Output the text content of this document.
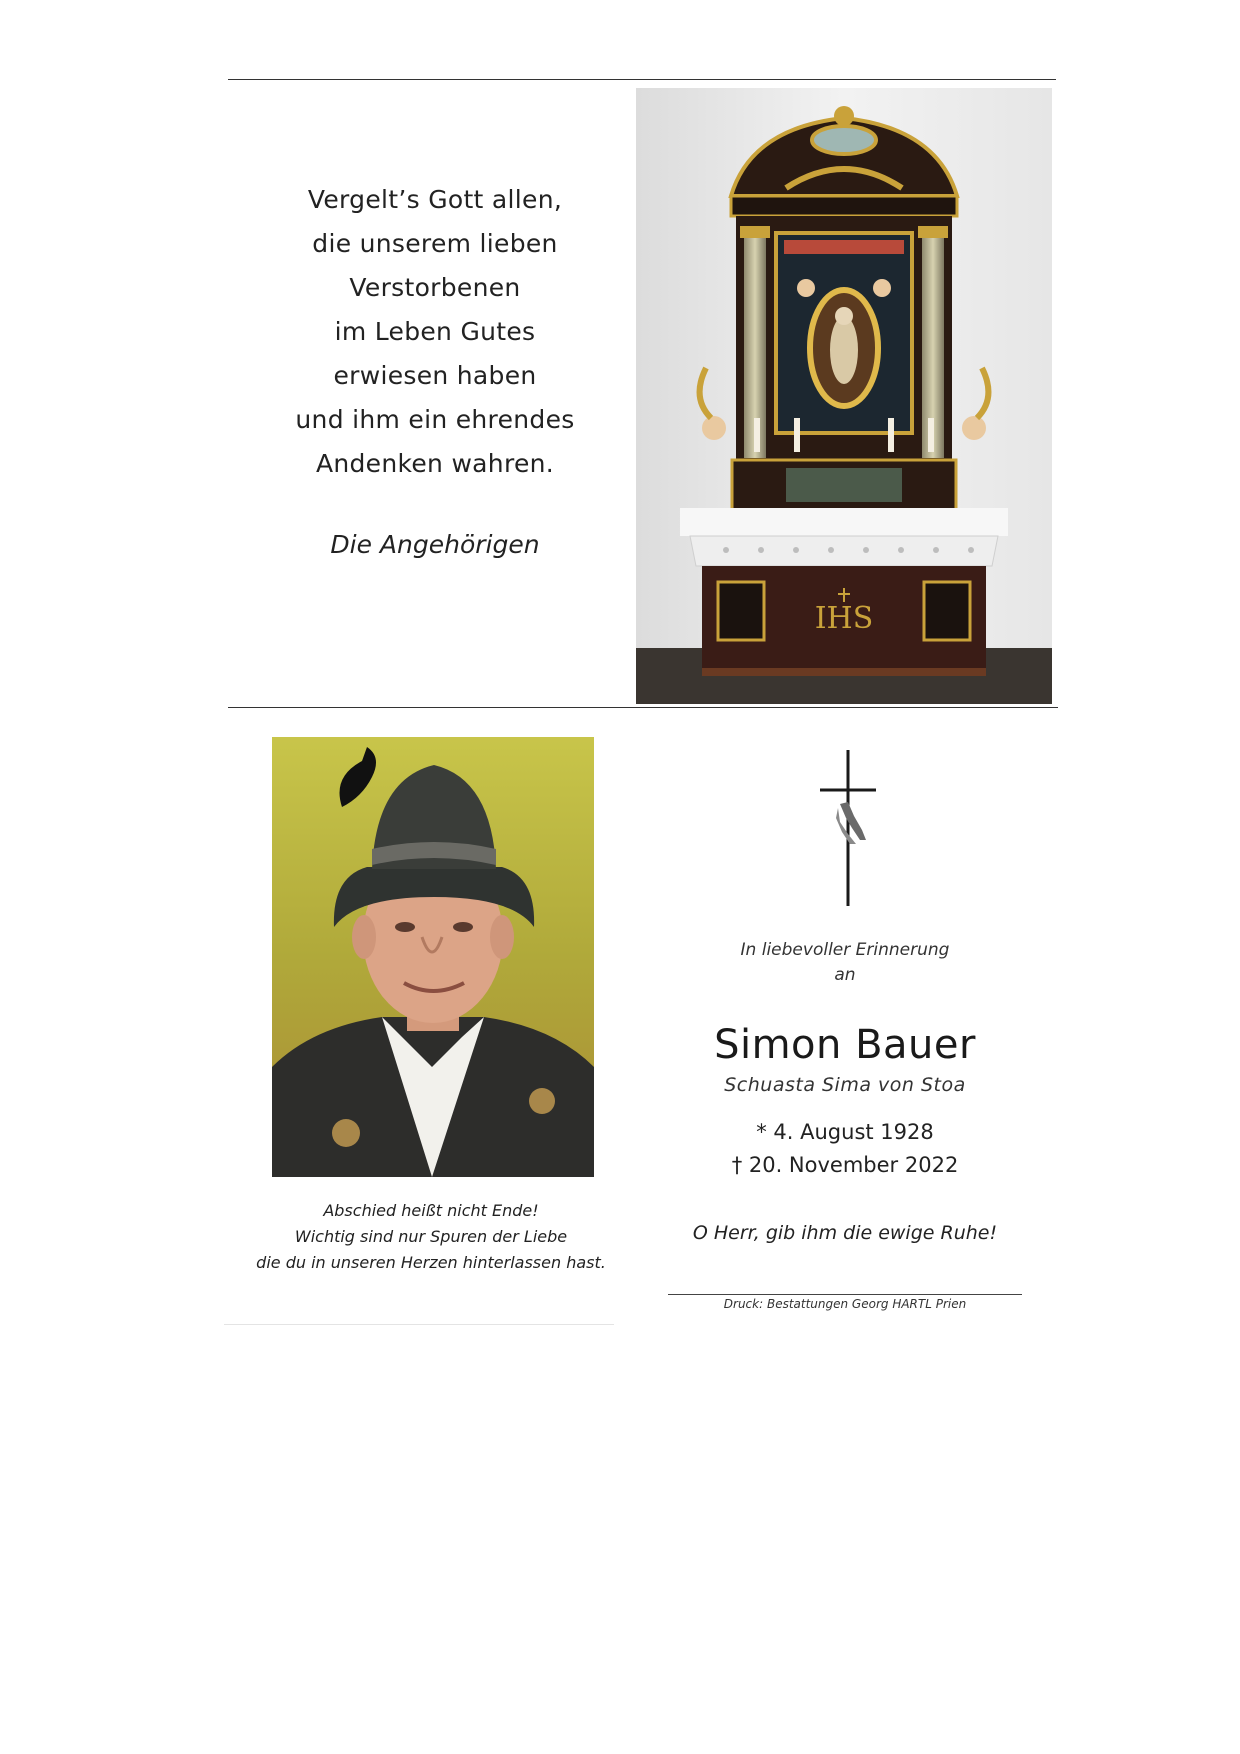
Vergelt’s Gott allen,
die unserem lieben
Verstorbenen
im Leben Gutes
erwiesen haben
und ihm ein ehrendes
Andenken wahren.
Die Angehörigen
IHS
Abschied heißt nicht Ende!
Wichtig sind nur Spuren der Liebe
die du in unseren Herzen hinterlassen hast.
In liebevoller Erinnerung
an
Simon Bauer
Schuasta Sima von Stoa
* 4. August 1928
† 20. November 2022
O Herr, gib ihm die ewige Ruhe!
Druck: Bestattungen Georg HARTL Prien
